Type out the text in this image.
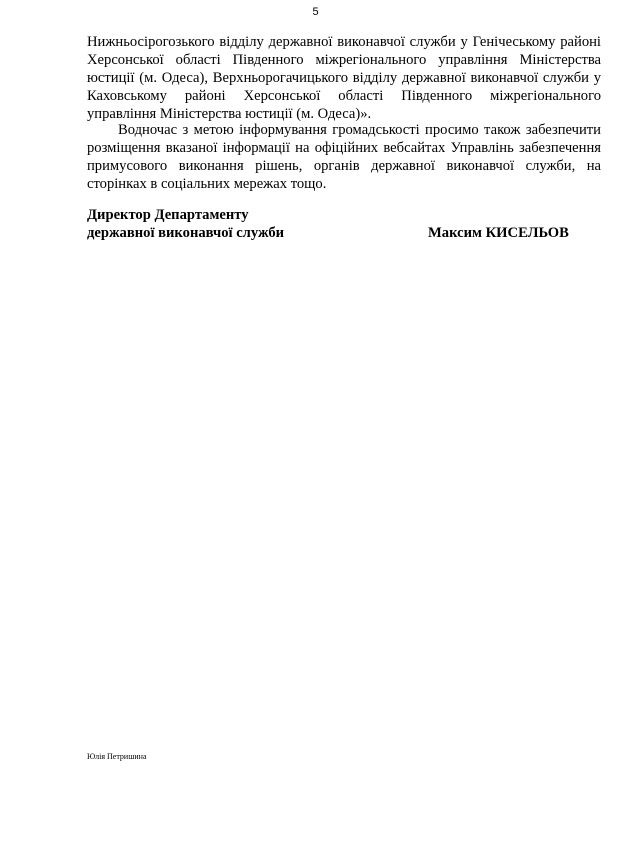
5

Нижньосірогозького відділу державної виконавчої служби у Генічеському районі Херсонської області Південного міжрегіонального управління Міністерства юстиції (м. Одеса), Верхньорогачицького відділу державної виконавчої служби у Каховському районі Херсонської області Південного міжрегіонального управління Міністерства юстиції (м. Одеса)».

Водночас з метою інформування громадськості просимо також забезпечити розміщення вказаної інформації на офіційних вебсайтах Управлінь забезпечення примусового виконання рішень, органів державної виконавчої служби, на сторінках в соціальних мережах тощо.

Директор Департаменту
державної виконавчої служби	Максим КИСЕЛЬОВ
Юлія Петришина
